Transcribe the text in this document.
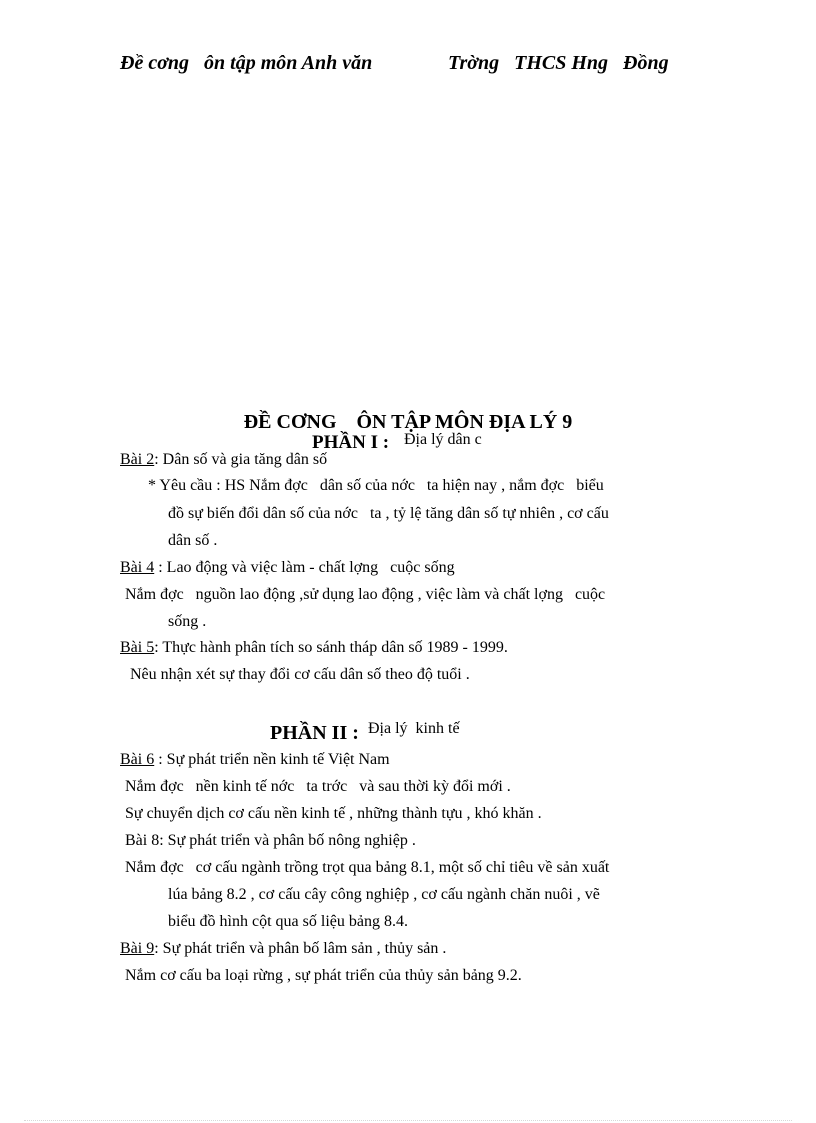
Đề cơng   ôn tập môn Anh văn	Trờng   THCS Hng   Đồng
ĐỀ CƠNG    ÔN TẬP MÔN ĐỊA LÝ 9
PHẦN I : Địa lý dân c
Bài 2: Dân số và gia tăng dân số
* Yêu cầu : HS Nắm đợc   dân số của nớc   ta hiện nay , nắm đợc   biểu
đồ sự biến đổi dân số của nớc   ta , tỷ lệ tăng dân số tự nhiên , cơ cấu
dân số .
Bài 4 : Lao động và việc làm - chất lợng   cuộc sống
Nắm đợc   nguồn lao động ,sử dụng lao động , việc làm và chất lợng   cuộc
sống .
Bài 5: Thực hành phân tích so sánh tháp dân số 1989 - 1999.
Nêu nhận xét sự thay đổi cơ cấu dân số theo độ tuổi .
PHẦN II : Địa lý  kinh tế
Bài 6 : Sự phát triển nền kinh tế Việt Nam
Nắm đợc   nền kinh tế nớc   ta trớc   và sau thời kỳ đổi mới .
Sự chuyển dịch cơ cấu nền kinh tế , những thành tựu , khó khăn .
Bài 8: Sự phát triển và phân bố nông nghiệp .
Nắm đợc   cơ cấu ngành trồng trọt qua bảng 8.1, một số chỉ tiêu về sản xuất
lúa bảng 8.2 , cơ cấu cây công nghiệp , cơ cấu ngành chăn nuôi , vẽ
biểu đồ hình cột qua số liệu bảng 8.4.
Bài 9: Sự phát triển và phân bố lâm sản , thủy sản .
Nắm cơ cấu ba loại rừng , sự phát triển của thủy sản bảng 9.2.
